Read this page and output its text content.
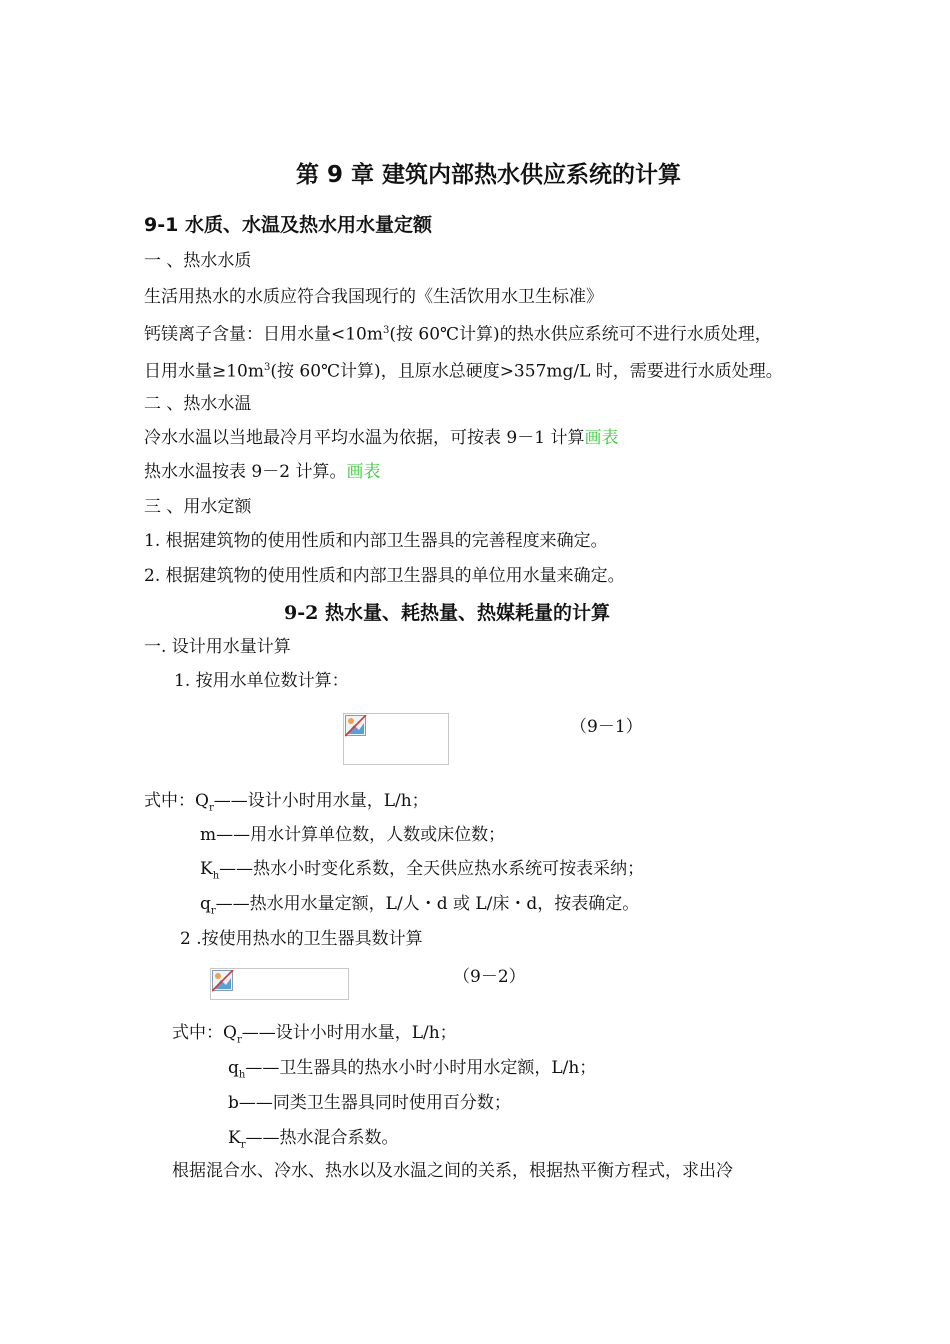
第 9 章 建筑内部热水供应系统的计算
9-1 水质、水温及热水用水量定额
一 、热水水质
生活用热水的水质应符合我国现行的《生活饮用水卫生标准》
钙镁离子含量：日用水量$<10m^3$(按 60℃计算)的热水供应系统可不进行水质处理，
日用水量$\ge 10m^3$(按 60℃计算)，且原水总硬度>357mg/L 时，需要进行水质处理。
二 、热水水温
冷水水温以当地最冷月平均水温为依据，可按表 9－1 计算画表
热水水温按表 9－2 计算。画表
三 、用水定额
1. 根据建筑物的使用性质和内部卫生器具的完善程度来确定。
2. 根据建筑物的使用性质和内部卫生器具的单位用水量来确定。
9-2 热水量、耗热量、热媒耗量的计算
一. 设计用水量计算
1. 按用水单位数计算：
（9－1）
式中：$Q_r——$设计小时用水量，L/h；
m——用水计算单位数，人数或床位数；
$K_h——$热水小时变化系数，全天供应热水系统可按表采纳；
$q_r——$热水用水量定额，L/人・d 或 L/床・d，按表确定。
2 .按使用热水的卫生器具数计算
（9－2）
式中：$Q_r——$设计小时用水量，L/h；
$q_h——$卫生器具的热水小时小时用水定额，L/h；
b——同类卫生器具同时使用百分数；
$K_r——$热水混合系数。
根据混合水、冷水、热水以及水温之间的关系，根据热平衡方程式，求出冷
